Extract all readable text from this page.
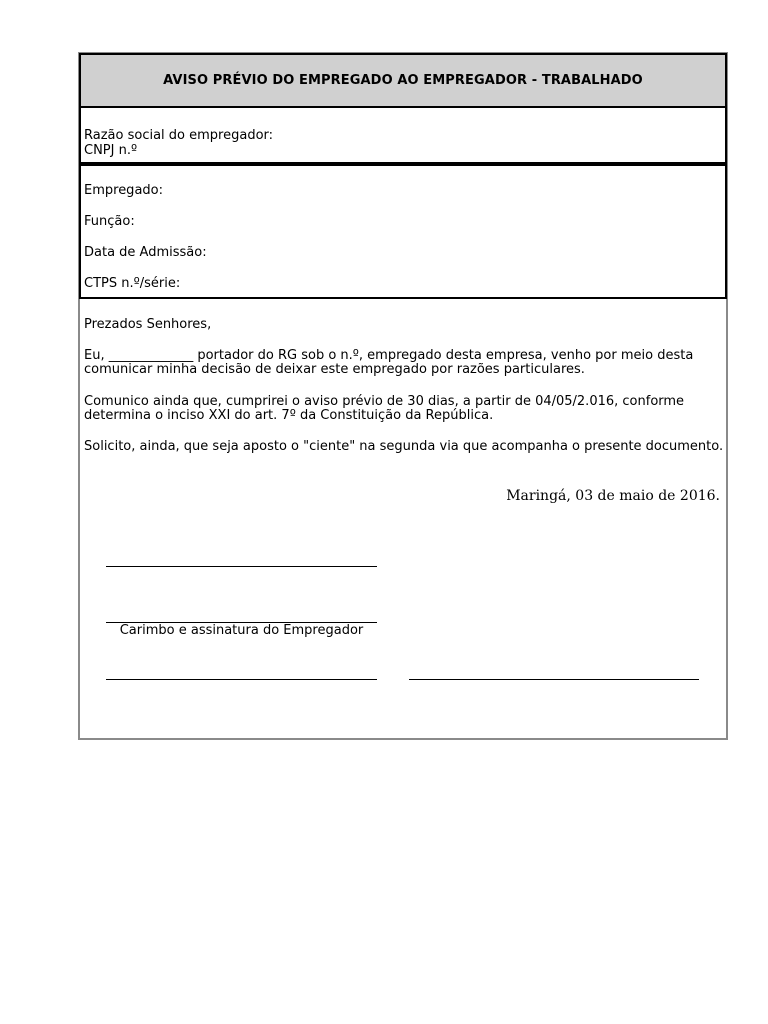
AVISO PRÉVIO DO EMPREGADO AO EMPREGADOR - TRABALHADO
Razão social do empregador:
CNPJ n.º
Empregado:
Função:
Data de Admissão:
CTPS n.º/série:
Prezados Senhores,
Eu, _____________ portador do RG sob o n.º, empregado desta empresa, venho por meio desta
comunicar minha decisão de deixar este empregado por razões particulares.
Comunico ainda que, cumprirei o aviso prévio de 30 dias, a partir de 04/05/2.016, conforme
determina o inciso XXI do art. 7º da Constituição da República.
Solicito, ainda, que seja aposto o "ciente" na segunda via que acompanha o presente documento.
Maringá, 03 de maio de 2016.
Carimbo e assinatura do Empregador
